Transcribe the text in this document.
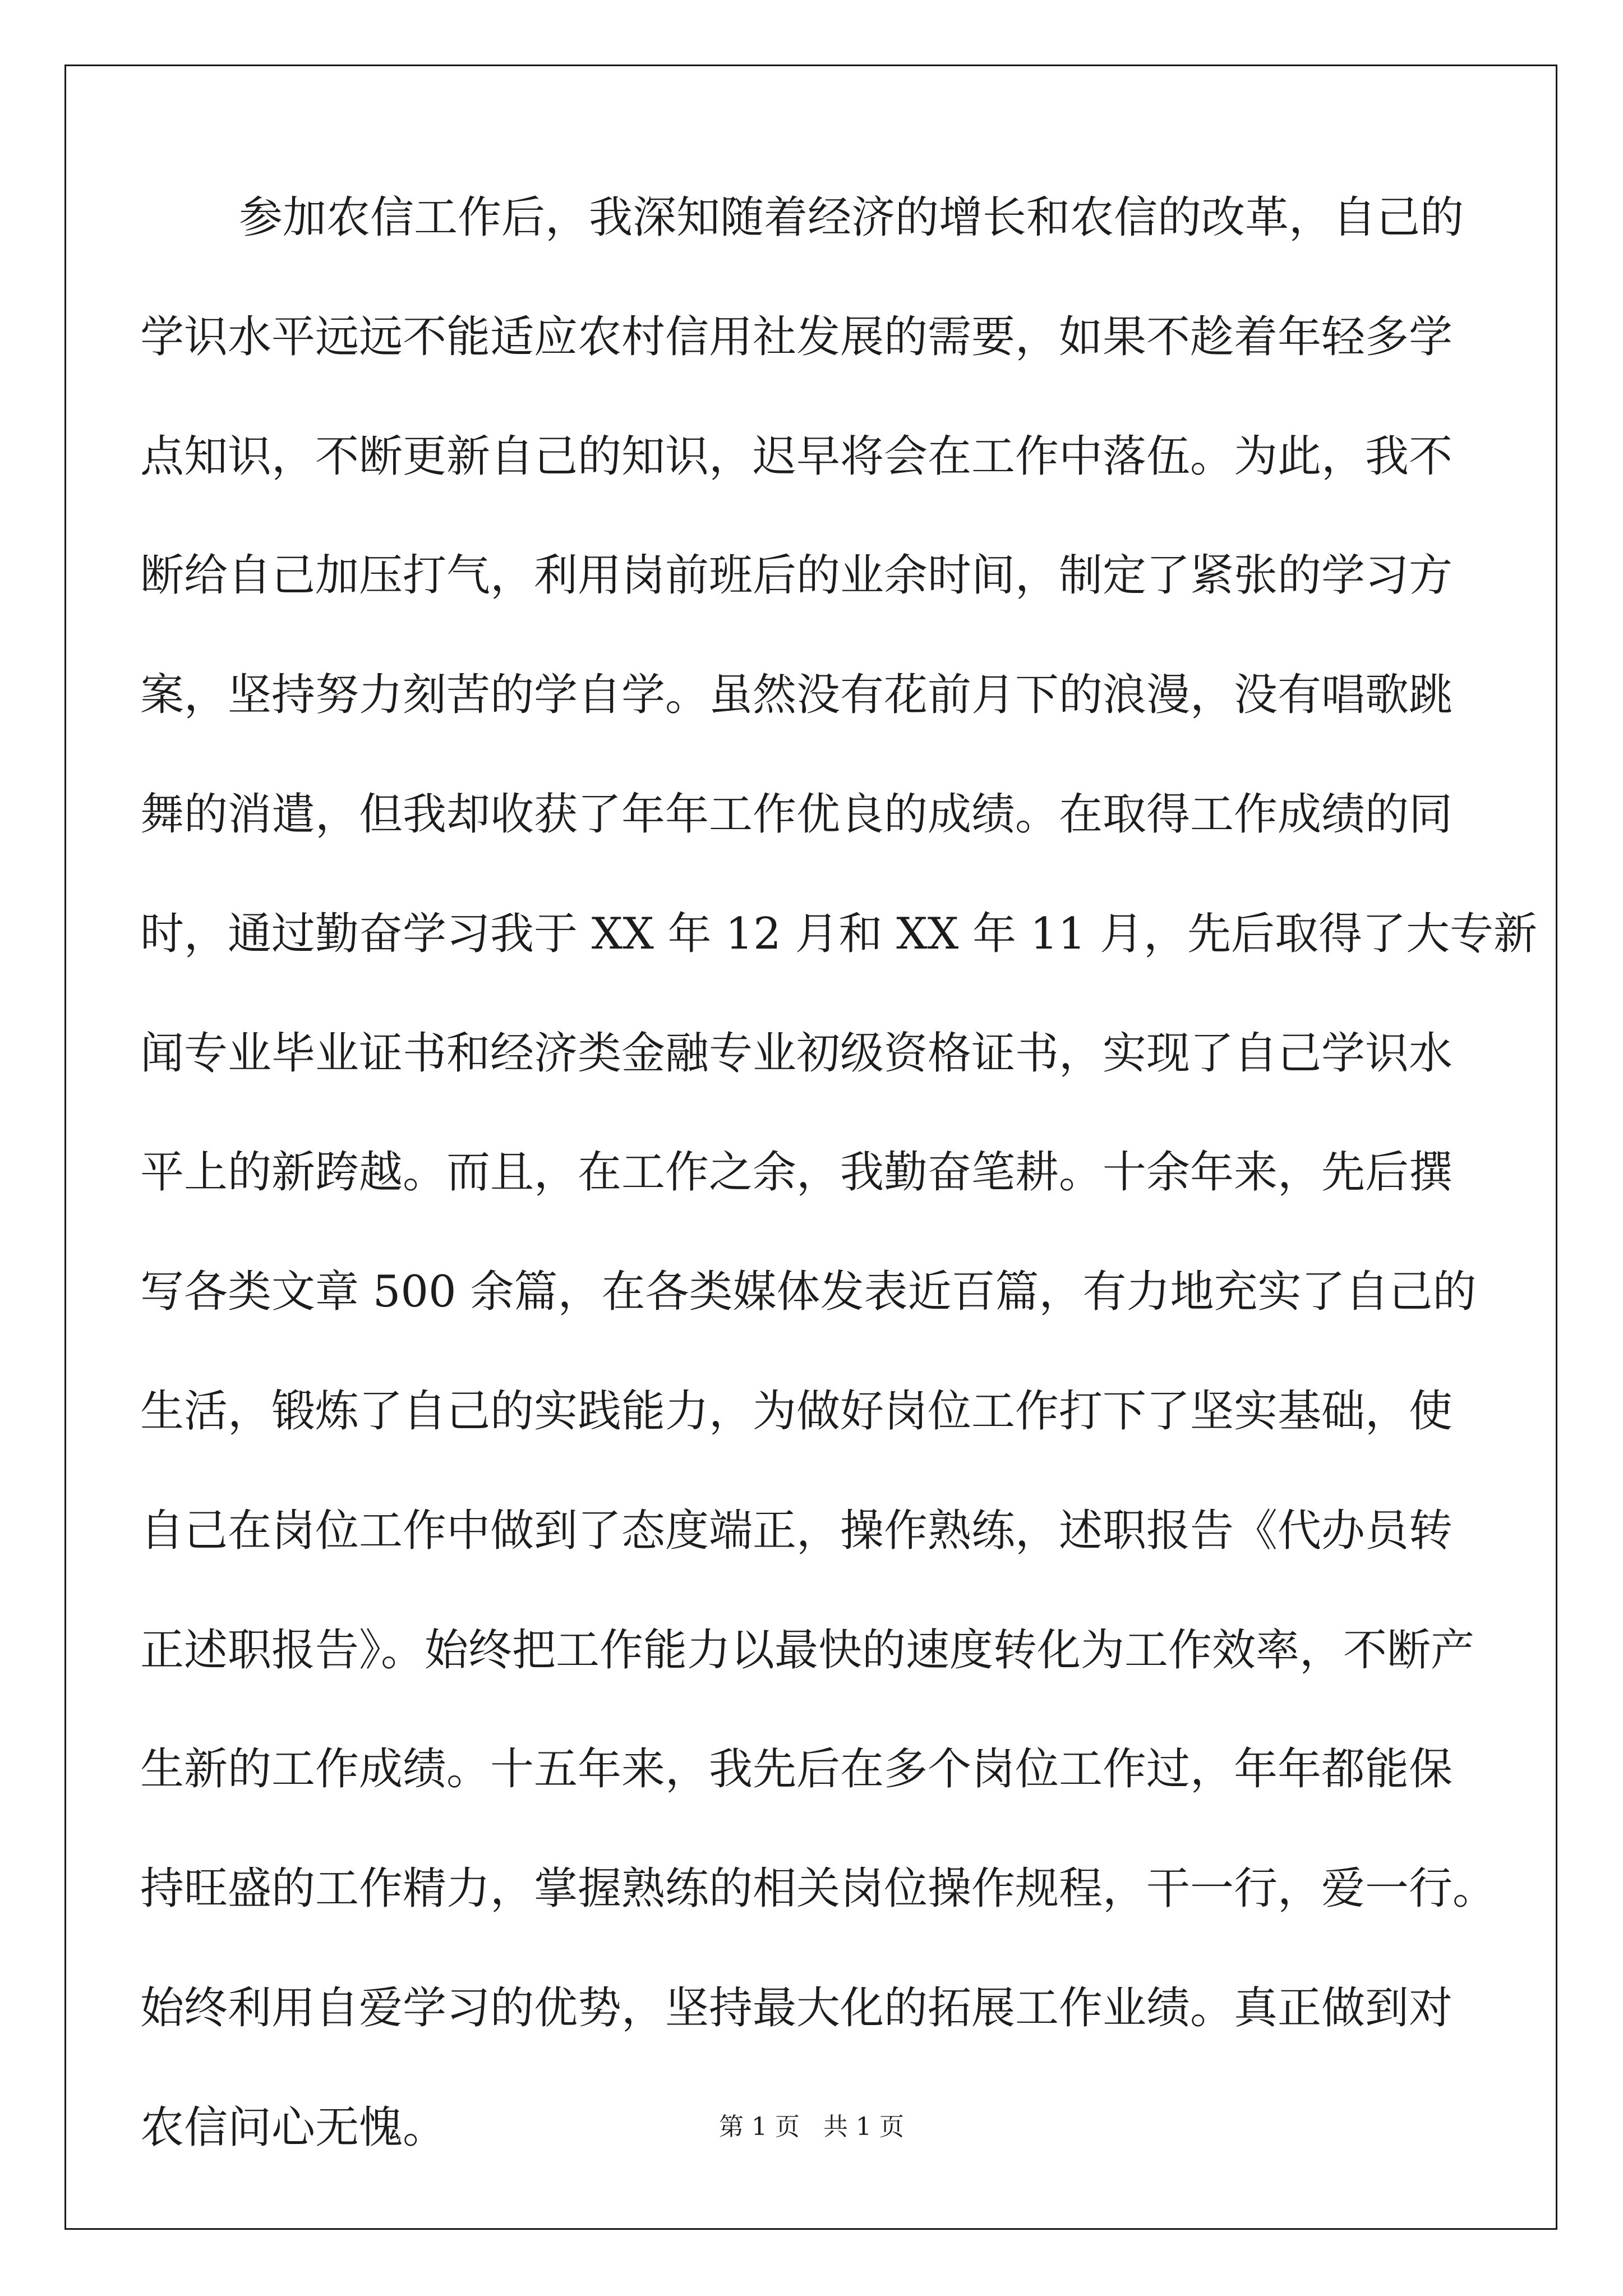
参加农信工作后，我深知随着经济的增长和农信的改革，自己的
学识水平远远不能适应农村信用社发展的需要，如果不趁着年轻多学
点知识，不断更新自己的知识，迟早将会在工作中落伍。为此，我不
断给自己加压打气，利用岗前班后的业余时间，制定了紧张的学习方
案，坚持努力刻苦的学自学。虽然没有花前月下的浪漫，没有唱歌跳
舞的消遣，但我却收获了年年工作优良的成绩。在取得工作成绩的同
时，通过勤奋学习我于 XX 年 12 月和 XX 年 11 月，先后取得了大专新
闻专业毕业证书和经济类金融专业初级资格证书，实现了自己学识水
平上的新跨越。而且，在工作之余，我勤奋笔耕。十余年来，先后撰
写各类文章 500 余篇，在各类媒体发表近百篇，有力地充实了自己的
生活，锻炼了自己的实践能力，为做好岗位工作打下了坚实基础，使
自己在岗位工作中做到了态度端正，操作熟练，述职报告《代办员转
正述职报告》。始终把工作能力以最快的速度转化为工作效率，不断产
生新的工作成绩。十五年来，我先后在多个岗位工作过，年年都能保
持旺盛的工作精力，掌握熟练的相关岗位操作规程，干一行，爱一行。
始终利用自爱学习的优势，坚持最大化的拓展工作业绩。真正做到对
农信问心无愧。	第 1 页   共 1 页
